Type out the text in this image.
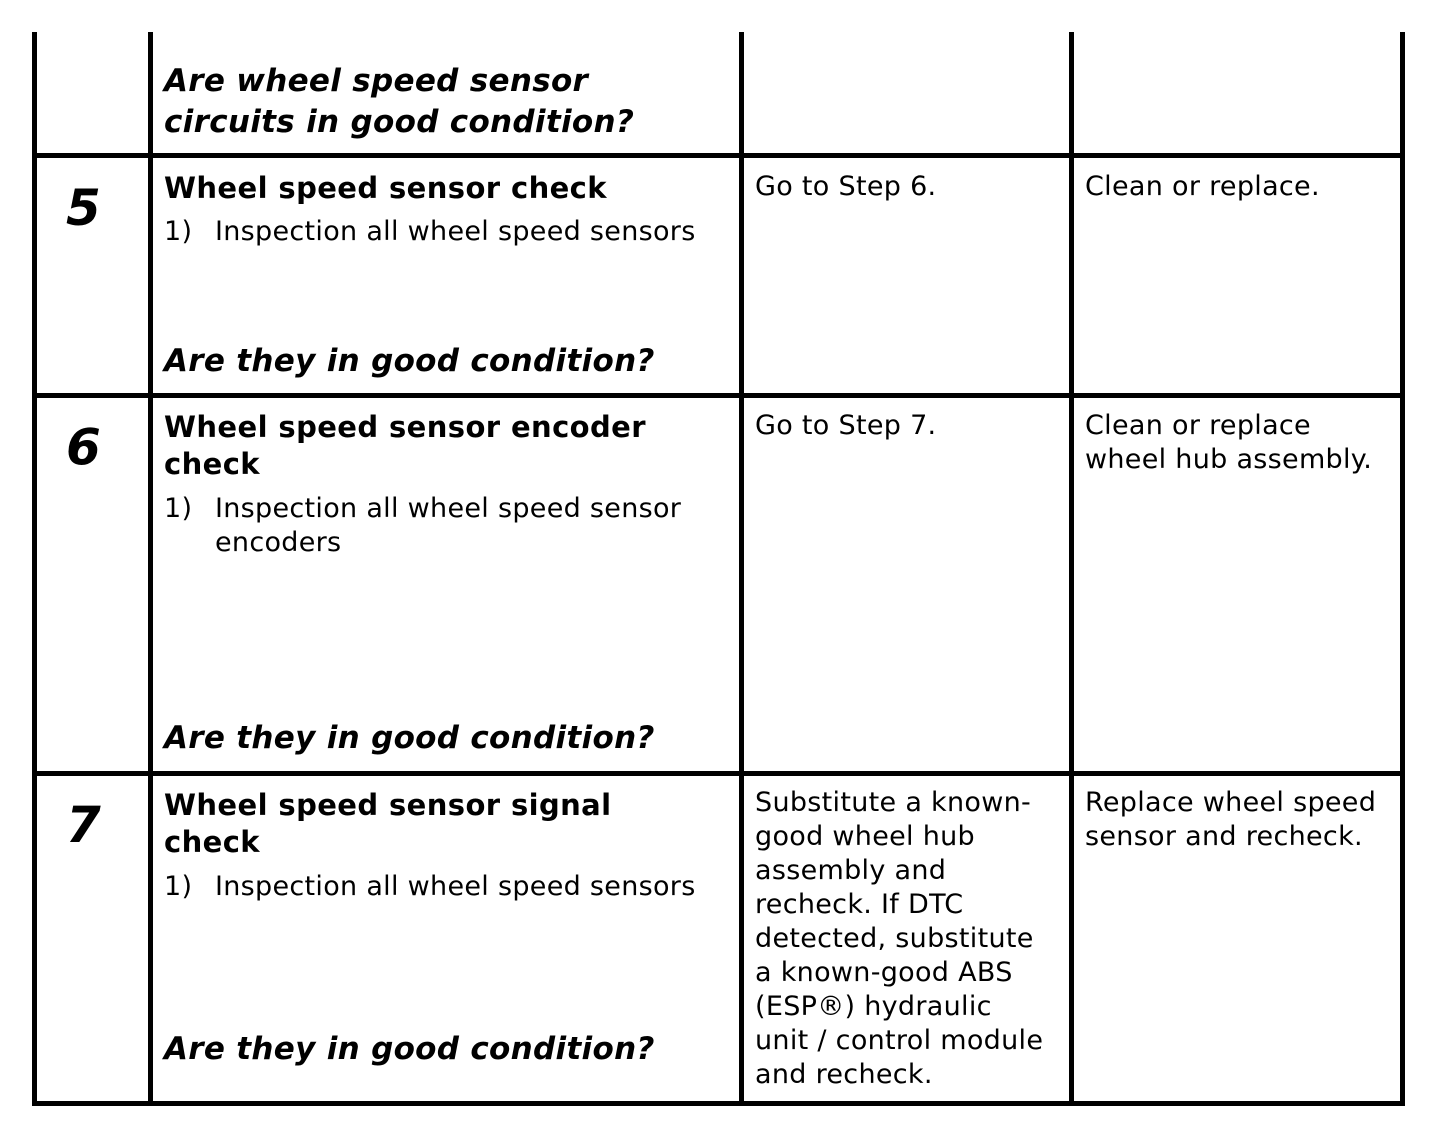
Are wheel speed sensor
circuits in good condition?
5 Wheel speed sensor check
1) Inspection all wheel speed sensors
Are they in good condition?
Go to Step 6.	Clean or replace.
6 Wheel speed sensor encoder
check
1) Inspection all wheel speed sensor
encoders
Are they in good condition?
Go to Step 7.	Clean or replace
wheel hub assembly.
7 Wheel speed sensor signal
check
1) Inspection all wheel speed sensors
Are they in good condition?
Substitute a known-
good wheel hub
assembly and
recheck. If DTC
detected, substitute
a known-good ABS
(ESP®) hydraulic
unit / control module
and recheck.
Replace wheel speed
sensor and recheck.
